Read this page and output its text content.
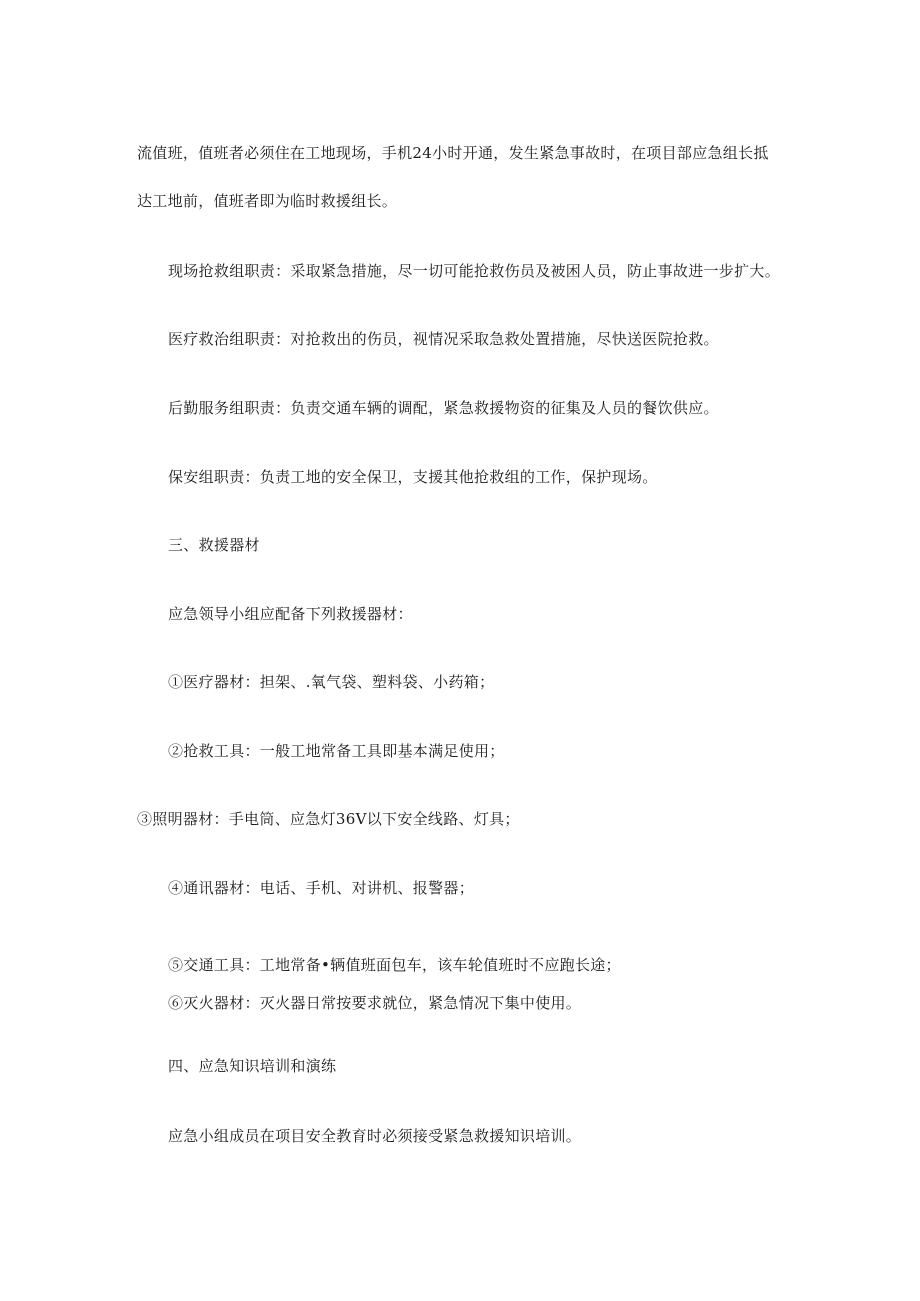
流值班，值班者必须住在工地现场，手机24小时开通，发生紧急事故时，在项目部应急组长抵
达工地前，值班者即为临时救援组长。
现场抢救组职责：采取紧急措施，尽一切可能抢救伤员及被困人员，防止事故进一步扩大。
医疗救治组职责：对抢救出的伤员，视情况采取急救处置措施，尽快送医院抢救。
后勤服务组职责：负责交通车辆的调配，紧急救援物资的征集及人员的餐饮供应。
保安组职责：负责工地的安全保卫，支援其他抢救组的工作，保护现场。
三、救援器材
应急领导小组应配备下列救援器材：
①医疗器材：担架、.氧气袋、塑料袋、小药箱；
②抢救工具：一般工地常备工具即基本满足使用；
③照明器材：手电筒、应急灯36V以下安全线路、灯具；
④通讯器材：电话、手机、对讲机、报警器；
⑤交通工具：工地常备•辆值班面包车，该车轮值班时不应跑长途；
⑥灭火器材：灭火器日常按要求就位，紧急情况下集中使用。
四、应急知识培训和演练
应急小组成员在项目安全教育时必须接受紧急救援知识培训。
